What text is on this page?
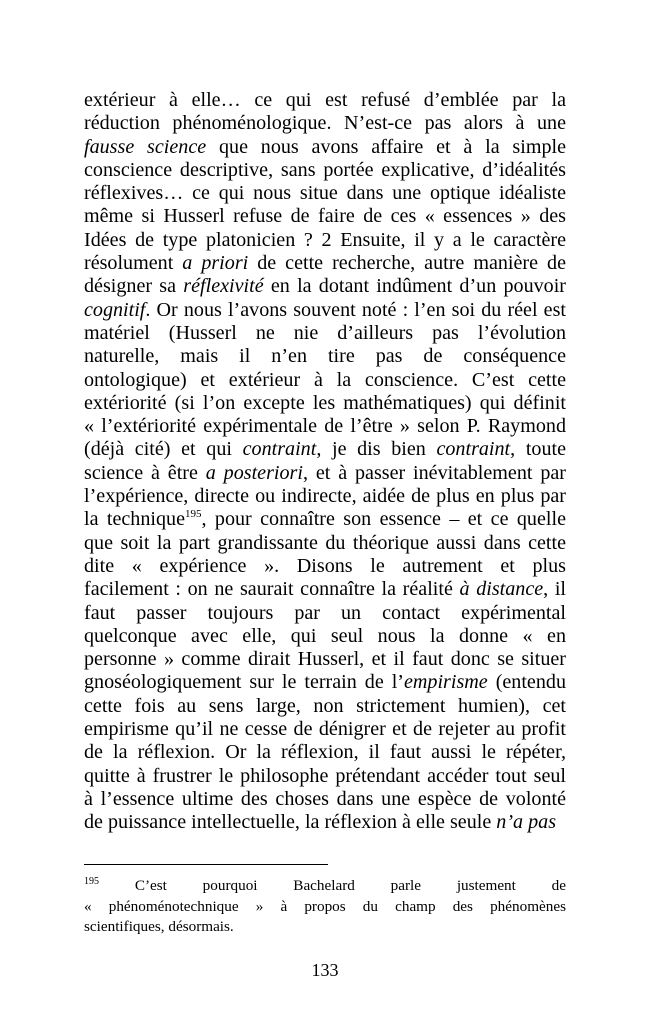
extérieur à elle… ce qui est refusé d’emblée par la
réduction phénoménologique. N’est-ce pas alors à une
fausse science que nous avons affaire et à la simple
conscience descriptive, sans portée explicative, d’idéalités
réflexives… ce qui nous situe dans une optique idéaliste
même si Husserl refuse de faire de ces « essences » des
Idées de type platonicien ? 2 Ensuite, il y a le caractère
résolument a priori de cette recherche, autre manière de
désigner sa réflexivité en la dotant indûment d’un pouvoir
cognitif. Or nous l’avons souvent noté : l’en soi du réel est
matériel (Husserl ne nie d’ailleurs pas l’évolution
naturelle, mais il n’en tire pas de conséquence
ontologique) et extérieur à la conscience. C’est cette
extériorité (si l’on excepte les mathématiques) qui définit
« l’extériorité expérimentale de l’être » selon P. Raymond
(déjà cité) et qui contraint, je dis bien contraint, toute
science à être a posteriori, et à passer inévitablement par
l’expérience, directe ou indirecte, aidée de plus en plus par
la technique$^{195}$, pour connaître son essence – et ce quelle
que soit la part grandissante du théorique aussi dans cette
dite « expérience ». Disons le autrement et plus
facilement : on ne saurait connaître la réalité à distance, il
faut passer toujours par un contact expérimental
quelconque avec elle, qui seul nous la donne « en
personne » comme dirait Husserl, et il faut donc se situer
gnoséologiquement sur le terrain de l’empirisme (entendu
cette fois au sens large, non strictement humien), cet
empirisme qu’il ne cesse de dénigrer et de rejeter au profit
de la réflexion. Or la réflexion, il faut aussi le répéter,
quitte à frustrer le philosophe prétendant accéder tout seul
à l’essence ultime des choses dans une espèce de volonté
de puissance intellectuelle, la réflexion à elle seule n’a pas
$^{195}$ C’est pourquoi Bachelard parle justement de
« phénoménotechnique » à propos du champ des phénomènes
scientifiques, désormais.
133
